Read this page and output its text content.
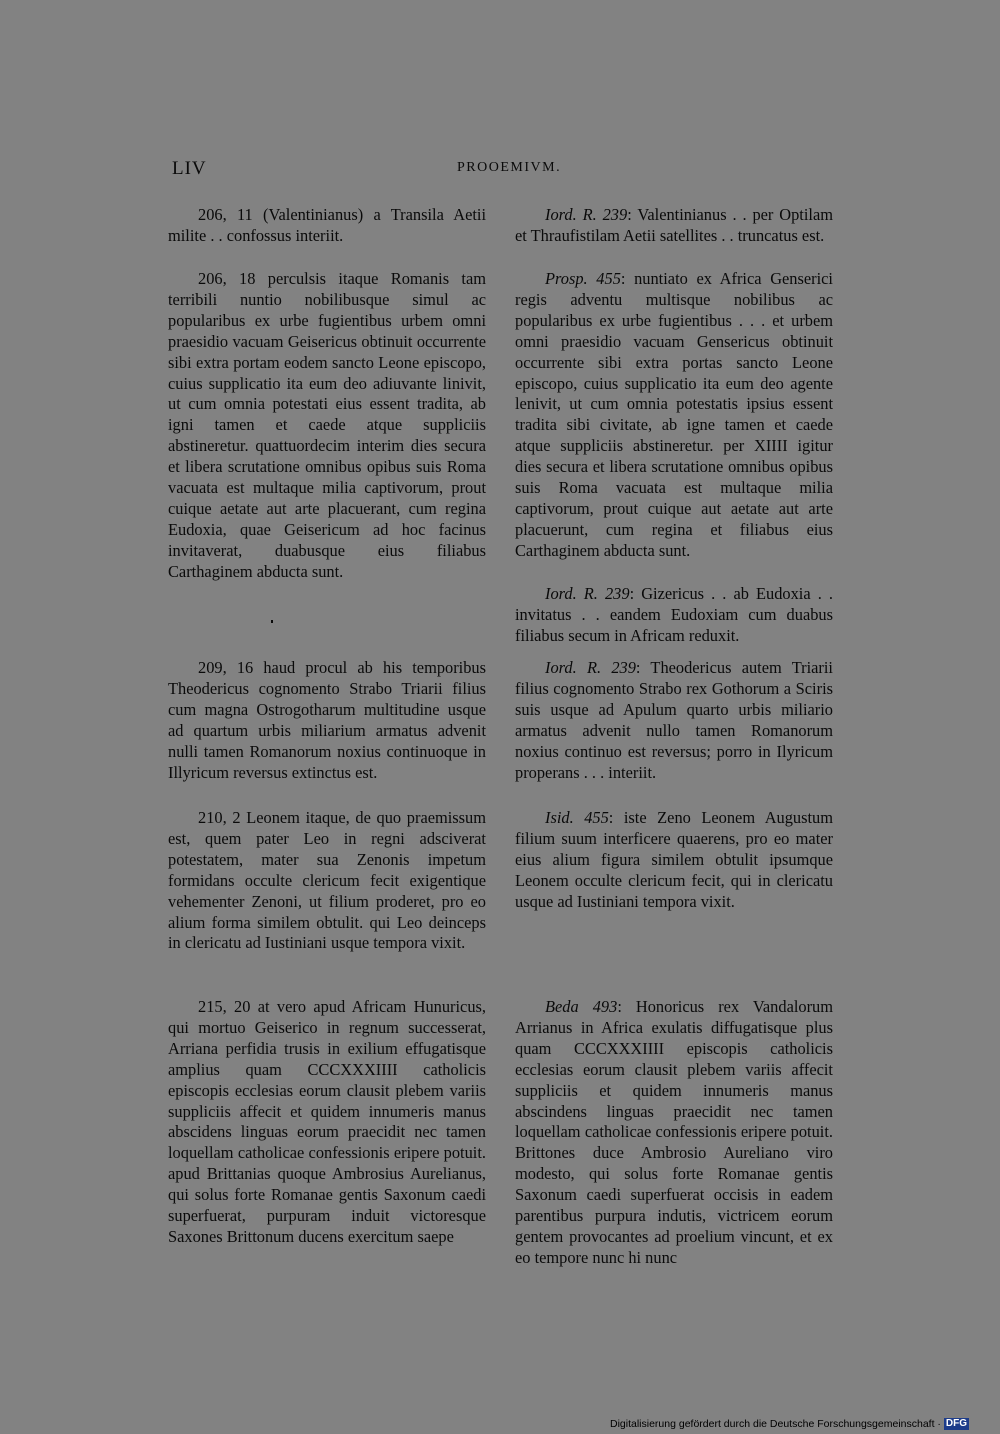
LIV	PROOEMIVM.

206, 11 (Valentinianus) a Transila Aetii milite . . confossus interiit.

206, 18 perculsis itaque Romanis tam terribili nuntio nobilibusque simul ac popularibus ex urbe fugientibus urbem omni praesidio vacuam Geisericus obtinuit occurrente sibi extra portam eodem sancto Leone episcopo, cuius supplicatio ita eum deo adiuvante linivit, ut cum omnia potestati eius essent tradita, ab igni tamen et caede atque suppliciis abstineretur. quattuordecim interim dies secura et libera scrutatione omnibus opibus suis Roma vacuata est multaque milia captivorum, prout cuique aetate aut arte placuerant, cum regina Eudoxia, quae Geisericum ad hoc facinus invitaverat, duabusque eius filiabus Carthaginem abducta sunt.

209, 16 haud procul ab his temporibus Theodericus cognomento Strabo Triarii filius cum magna Ostrogotharum multitudine usque ad quartum urbis miliarium armatus advenit nulli tamen Romanorum noxius continuoque in Illyricum reversus extinctus est.

210, 2 Leonem itaque, de quo praemissum est, quem pater Leo in regni adsciverat potestatem, mater sua Zenonis impetum formidans occulte clericum fecit exigentique vehementer Zenoni, ut filium proderet, pro eo alium forma similem obtulit. qui Leo deinceps in clericatu ad Iustiniani usque tempora vixit.

215, 20 at vero apud Africam Hunuricus, qui mortuo Geiserico in regnum successerat, Arriana perfidia trusis in exilium effugatisque amplius quam CCCXXXIIII catholicis episcopis ecclesias eorum clausit plebem variis suppliciis affecit et quidem innumeris manus abscidens linguas eorum praecidit nec tamen loquellam catholicae confessionis eripere potuit. apud Brittanias quoque Ambrosius Aurelianus, qui solus forte Romanae gentis Saxonum caedi superfuerat, purpuram induit victoresque Saxones Brittonum ducens exercitum saepe

Iord. R. 239: Valentinianus . . per Optilam et Thraufistilam Aetii satellites . . truncatus est.

Prosp. 455: nuntiato ex Africa Genserici regis adventu multisque nobilibus ac popularibus ex urbe fugientibus . . . et urbem omni praesidio vacuam Gensericus obtinuit occurrente sibi extra portas sancto Leone episcopo, cuius supplicatio ita eum deo agente lenivit, ut cum omnia potestatis ipsius essent tradita sibi civitate, ab igne tamen et caede atque suppliciis abstineretur. per XIIII igitur dies secura et libera scrutatione omnibus opibus suis Roma vacuata est multaque milia captivorum, prout cuique aut aetate aut arte placuerunt, cum regina et filiabus eius Carthaginem abducta sunt.

Iord. R. 239: Gizericus . . ab Eudoxia . . invitatus . . eandem Eudoxiam cum duabus filiabus secum in Africam reduxit.

Iord. R. 239: Theodericus autem Triarii filius cognomento Strabo rex Gothorum a Sciris suis usque ad Apulum quarto urbis miliario armatus advenit nullo tamen Romanorum noxius continuo est reversus; porro in Ilyricum properans . . . interiit.

Isid. 455: iste Zeno Leonem Augustum filium suum interficere quaerens, pro eo mater eius alium figura similem obtulit ipsumque Leonem occulte clericum fecit, qui in clericatu usque ad Iustiniani tempora vixit.

Beda 493: Honoricus rex Vandalorum Arrianus in Africa exulatis diffugatisque plus quam CCCXXXIIII episcopis catholicis ecclesias eorum clausit plebem variis affecit suppliciis et quidem innumeris manus abscindens linguas praecidit nec tamen loquellam catholicae confessionis eripere potuit. Brittones duce Ambrosio Aureliano viro modesto, qui solus forte Romanae gentis Saxonum caedi superfuerat occisis in eadem parentibus purpura indutis, victricem eorum gentem provocantes ad proelium vincunt, et ex eo tempore nunc hi nunc

Digitalisierung gefördert durch die Deutsche Forschungsgemeinschaft · DFG
